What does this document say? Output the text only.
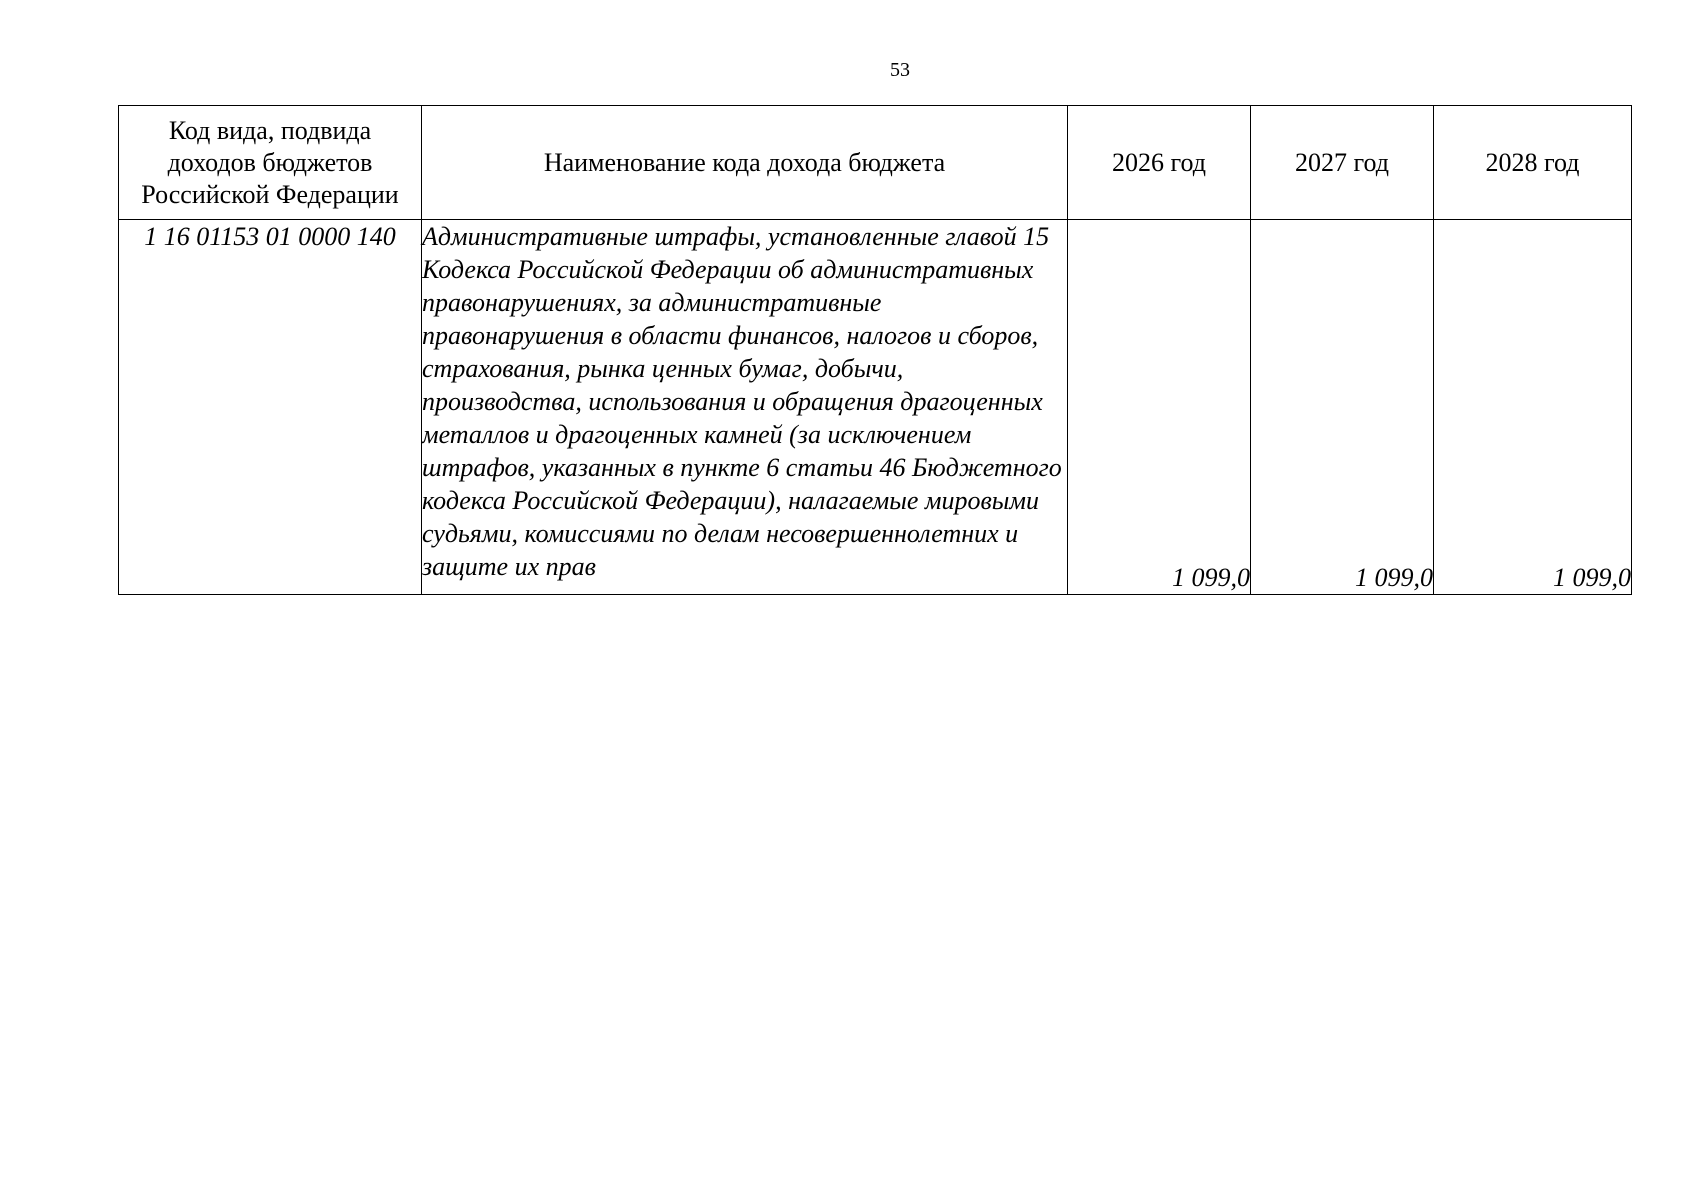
53
Код вида, подвида доходов бюджетов Российской Федерации	Наименование кода дохода бюджета	2026 год	2027 год	2028 год
1 16 01153 01 0000 140	Административные штрафы, установленные главой 15 Кодекса Российской Федерации об административных правонарушениях, за административные правонарушения в области финансов, налогов и сборов, страхования, рынка ценных бумаг, добычи, производства, использования и обращения драгоценных металлов и драгоценных камней (за исключением штрафов, указанных в пункте 6 статьи 46 Бюджетного кодекса Российской Федерации), налагаемые мировыми судьями, комиссиями по делам несовершеннолетних и защите их прав	1 099,0	1 099,0	1 099,0
